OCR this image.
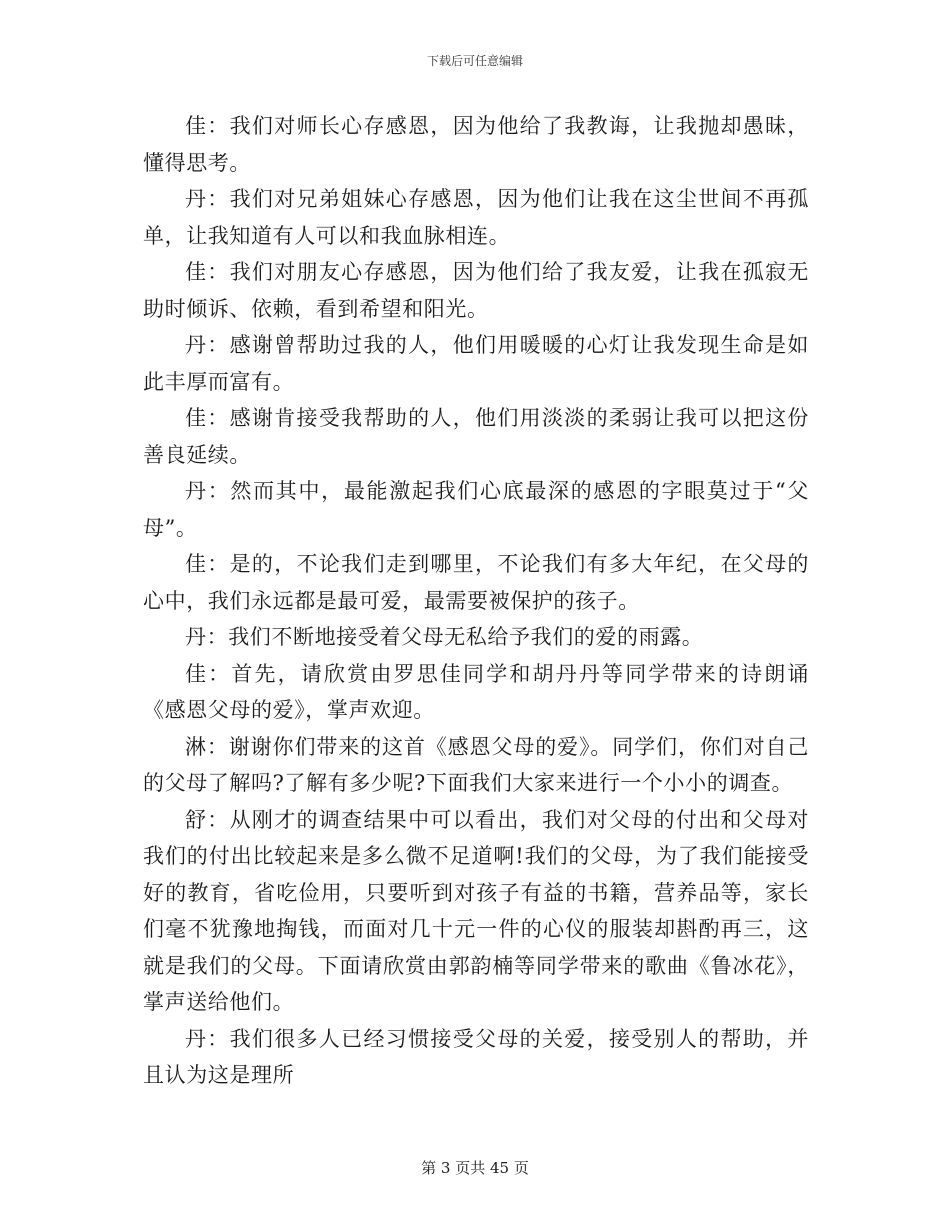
下载后可任意编辑

佳：我们对师长心存感恩，因为他给了我教诲，让我抛却愚昧，懂得思考。

丹：我们对兄弟姐妹心存感恩，因为他们让我在这尘世间不再孤单，让我知道有人可以和我血脉相连。

佳：我们对朋友心存感恩，因为他们给了我友爱，让我在孤寂无助时倾诉、依赖，看到希望和阳光。

丹：感谢曾帮助过我的人，他们用暖暖的心灯让我发现生命是如此丰厚而富有。

佳：感谢肯接受我帮助的人，他们用淡淡的柔弱让我可以把这份善良延续。

丹：然而其中，最能激起我们心底最深的感恩的字眼莫过于“父母”。

佳：是的，不论我们走到哪里，不论我们有多大年纪，在父母的心中，我们永远都是最可爱，最需要被保护的孩子。

丹：我们不断地接受着父母无私给予我们的爱的雨露。

佳：首先，请欣赏由罗思佳同学和胡丹丹等同学带来的诗朗诵《感恩父母的爱》，掌声欢迎。

淋：谢谢你们带来的这首《感恩父母的爱》。同学们，你们对自己的父母了解吗?了解有多少呢?下面我们大家来进行一个小小的调查。

舒：从刚才的调查结果中可以看出，我们对父母的付出和父母对我们的付出比较起来是多么微不足道啊!我们的父母，为了我们能接受好的教育，省吃俭用，只要听到对孩子有益的书籍，营养品等，家长们毫不犹豫地掏钱，而面对几十元一件的心仪的服装却斟酌再三，这就是我们的父母。下面请欣赏由郭韵楠等同学带来的歌曲《鲁冰花》，掌声送给他们。

丹：我们很多人已经习惯接受父母的关爱，接受别人的帮助，并且认为这是理所

第 3 页共 45 页
